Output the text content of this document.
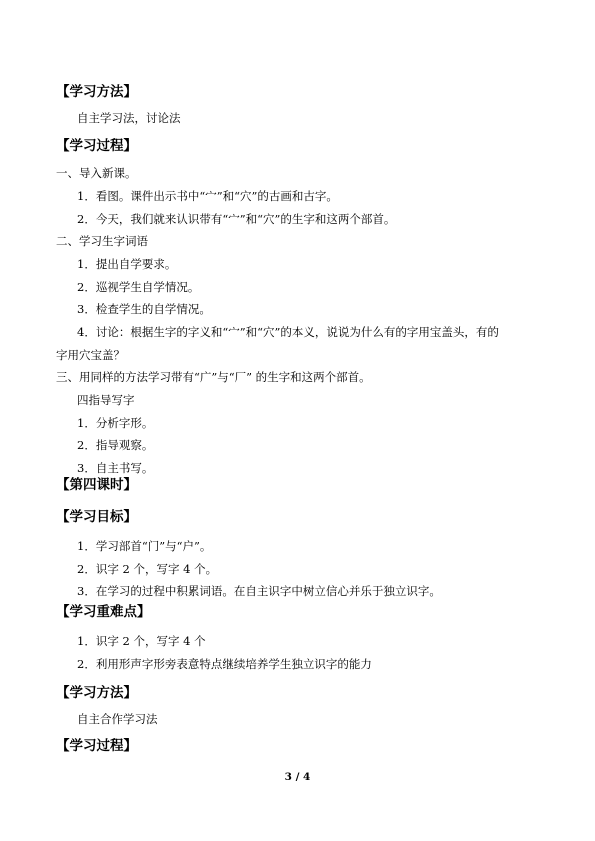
【学习方法】
自主学习法，讨论法
【学习过程】
一、导入新课。
1．看图。课件出示书中“宀”和“穴”的古画和古字。
2．今天，我们就来认识带有“宀”和“穴”的生字和这两个部首。
二、学习生字词语
1．提出自学要求。
2．巡视学生自学情况。
3．检查学生的自学情况。
4．讨论：根据生字的字义和“宀”和“穴”的本义，说说为什么有的字用宝盖头，有的
字用穴宝盖？
三、用同样的方法学习带有“广”与“厂” 的生字和这两个部首。
四指导写字
1．分析字形。
2．指导观察。
3．自主书写。
【第四课时】
【学习目标】
1．学习部首“门”与“户”。
2．识字 2 个，写字 4 个。
3．在学习的过程中积累词语。在自主识字中树立信心并乐于独立识字。
【学习重难点】
1．识字 2 个，写字 4 个
2．利用形声字形旁表意特点继续培养学生独立识字的能力
【学习方法】
自主合作学习法
【学习过程】
3 / 4
